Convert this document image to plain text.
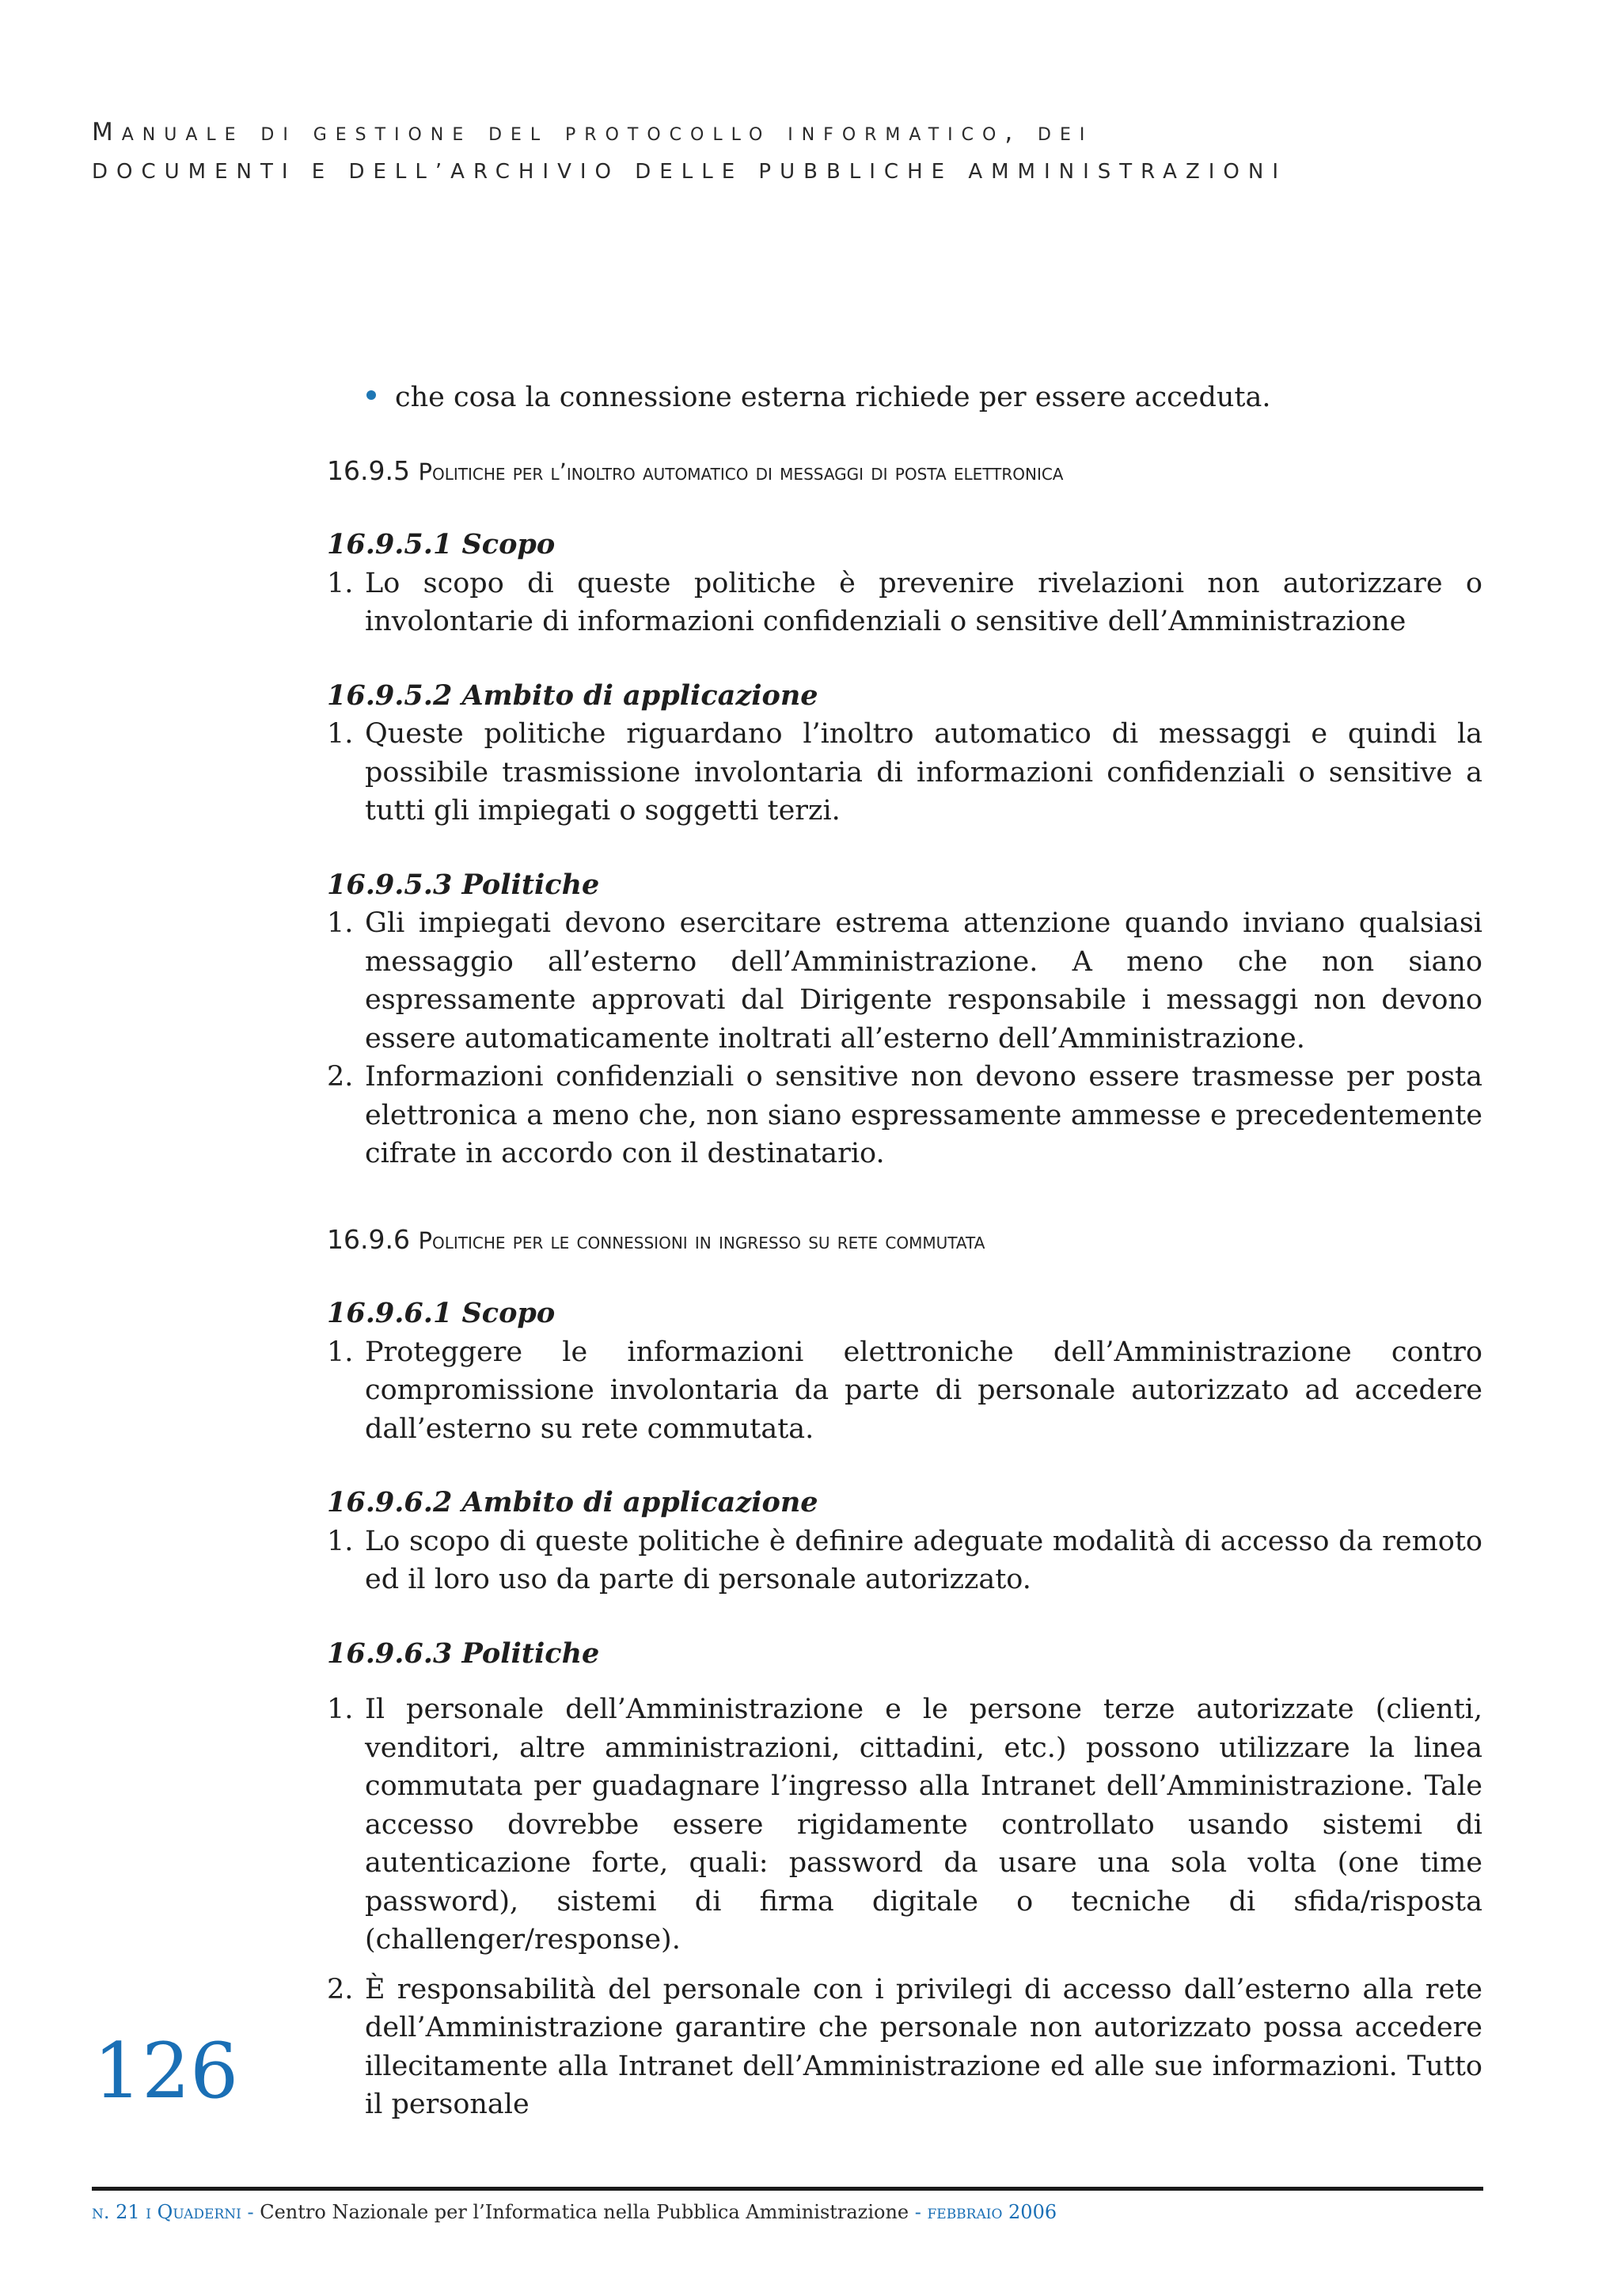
Manuale di gestione del protocollo informatico, dei
DOCUMENTI E DELL’ARCHIVIO DELLE PUBBLICHE AMMINISTRAZIONI
che cosa la connessione esterna richiede per essere acceduta.
16.9.5 Politiche per l’inoltro automatico di messaggi di posta elettronica

16.9.5.1 Scopo

1. Lo scopo di queste politiche è prevenire rivelazioni non autorizzare o involontarie di informazioni confidenziali o sensitive dell’Amministrazione

16.9.5.2 Ambito di applicazione

1. Queste politiche riguardano l’inoltro automatico di messaggi e quindi la possibile trasmissione involontaria di informazioni confidenziali o sensitive a tutti gli impiegati o soggetti terzi.

16.9.5.3 Politiche

1. Gli impiegati devono esercitare estrema attenzione quando inviano qualsiasi messaggio all’esterno dell’Amministrazione. A meno che non siano espressamente approvati dal Dirigente responsabile i messaggi non devono essere automaticamente inoltrati all’esterno dell’Amministrazione.
2. Informazioni confidenziali o sensitive non devono essere trasmesse per posta elettronica a meno che, non siano espressamente ammesse e precedentemente cifrate in accordo con il destinatario.
16.9.6 Politiche per le connessioni in ingresso su rete commutata

16.9.6.1 Scopo

1. Proteggere le informazioni elettroniche dell’Amministrazione contro compromissione involontaria da parte di personale autorizzato ad accedere dall’esterno su rete commutata.

16.9.6.2 Ambito di applicazione

1. Lo scopo di queste politiche è definire adeguate modalità di accesso da remoto ed il loro uso da parte di personale autorizzato.

16.9.6.3 Politiche

1. Il personale dell’Amministrazione e le persone terze autorizzate (clienti, venditori, altre amministrazioni, cittadini, etc.) possono utilizzare la linea commutata per guadagnare l’ingresso alla Intranet dell’Amministrazione. Tale accesso dovrebbe essere rigidamente controllato usando sistemi di autenticazione forte, quali: password da usare una sola volta (one time password), sistemi di firma digitale o tecniche di sfida/risposta (challenger/response).
2. È responsabilità del personale con i privilegi di accesso dall’esterno alla rete dell’Amministrazione garantire che personale non autorizzato possa accedere illecitamente alla Intranet dell’Amministrazione ed alle sue informazioni. Tutto il personale
126
n. 21 i Quaderni - Centro Nazionale per l’Informatica nella Pubblica Amministrazione - febbraio 2006
